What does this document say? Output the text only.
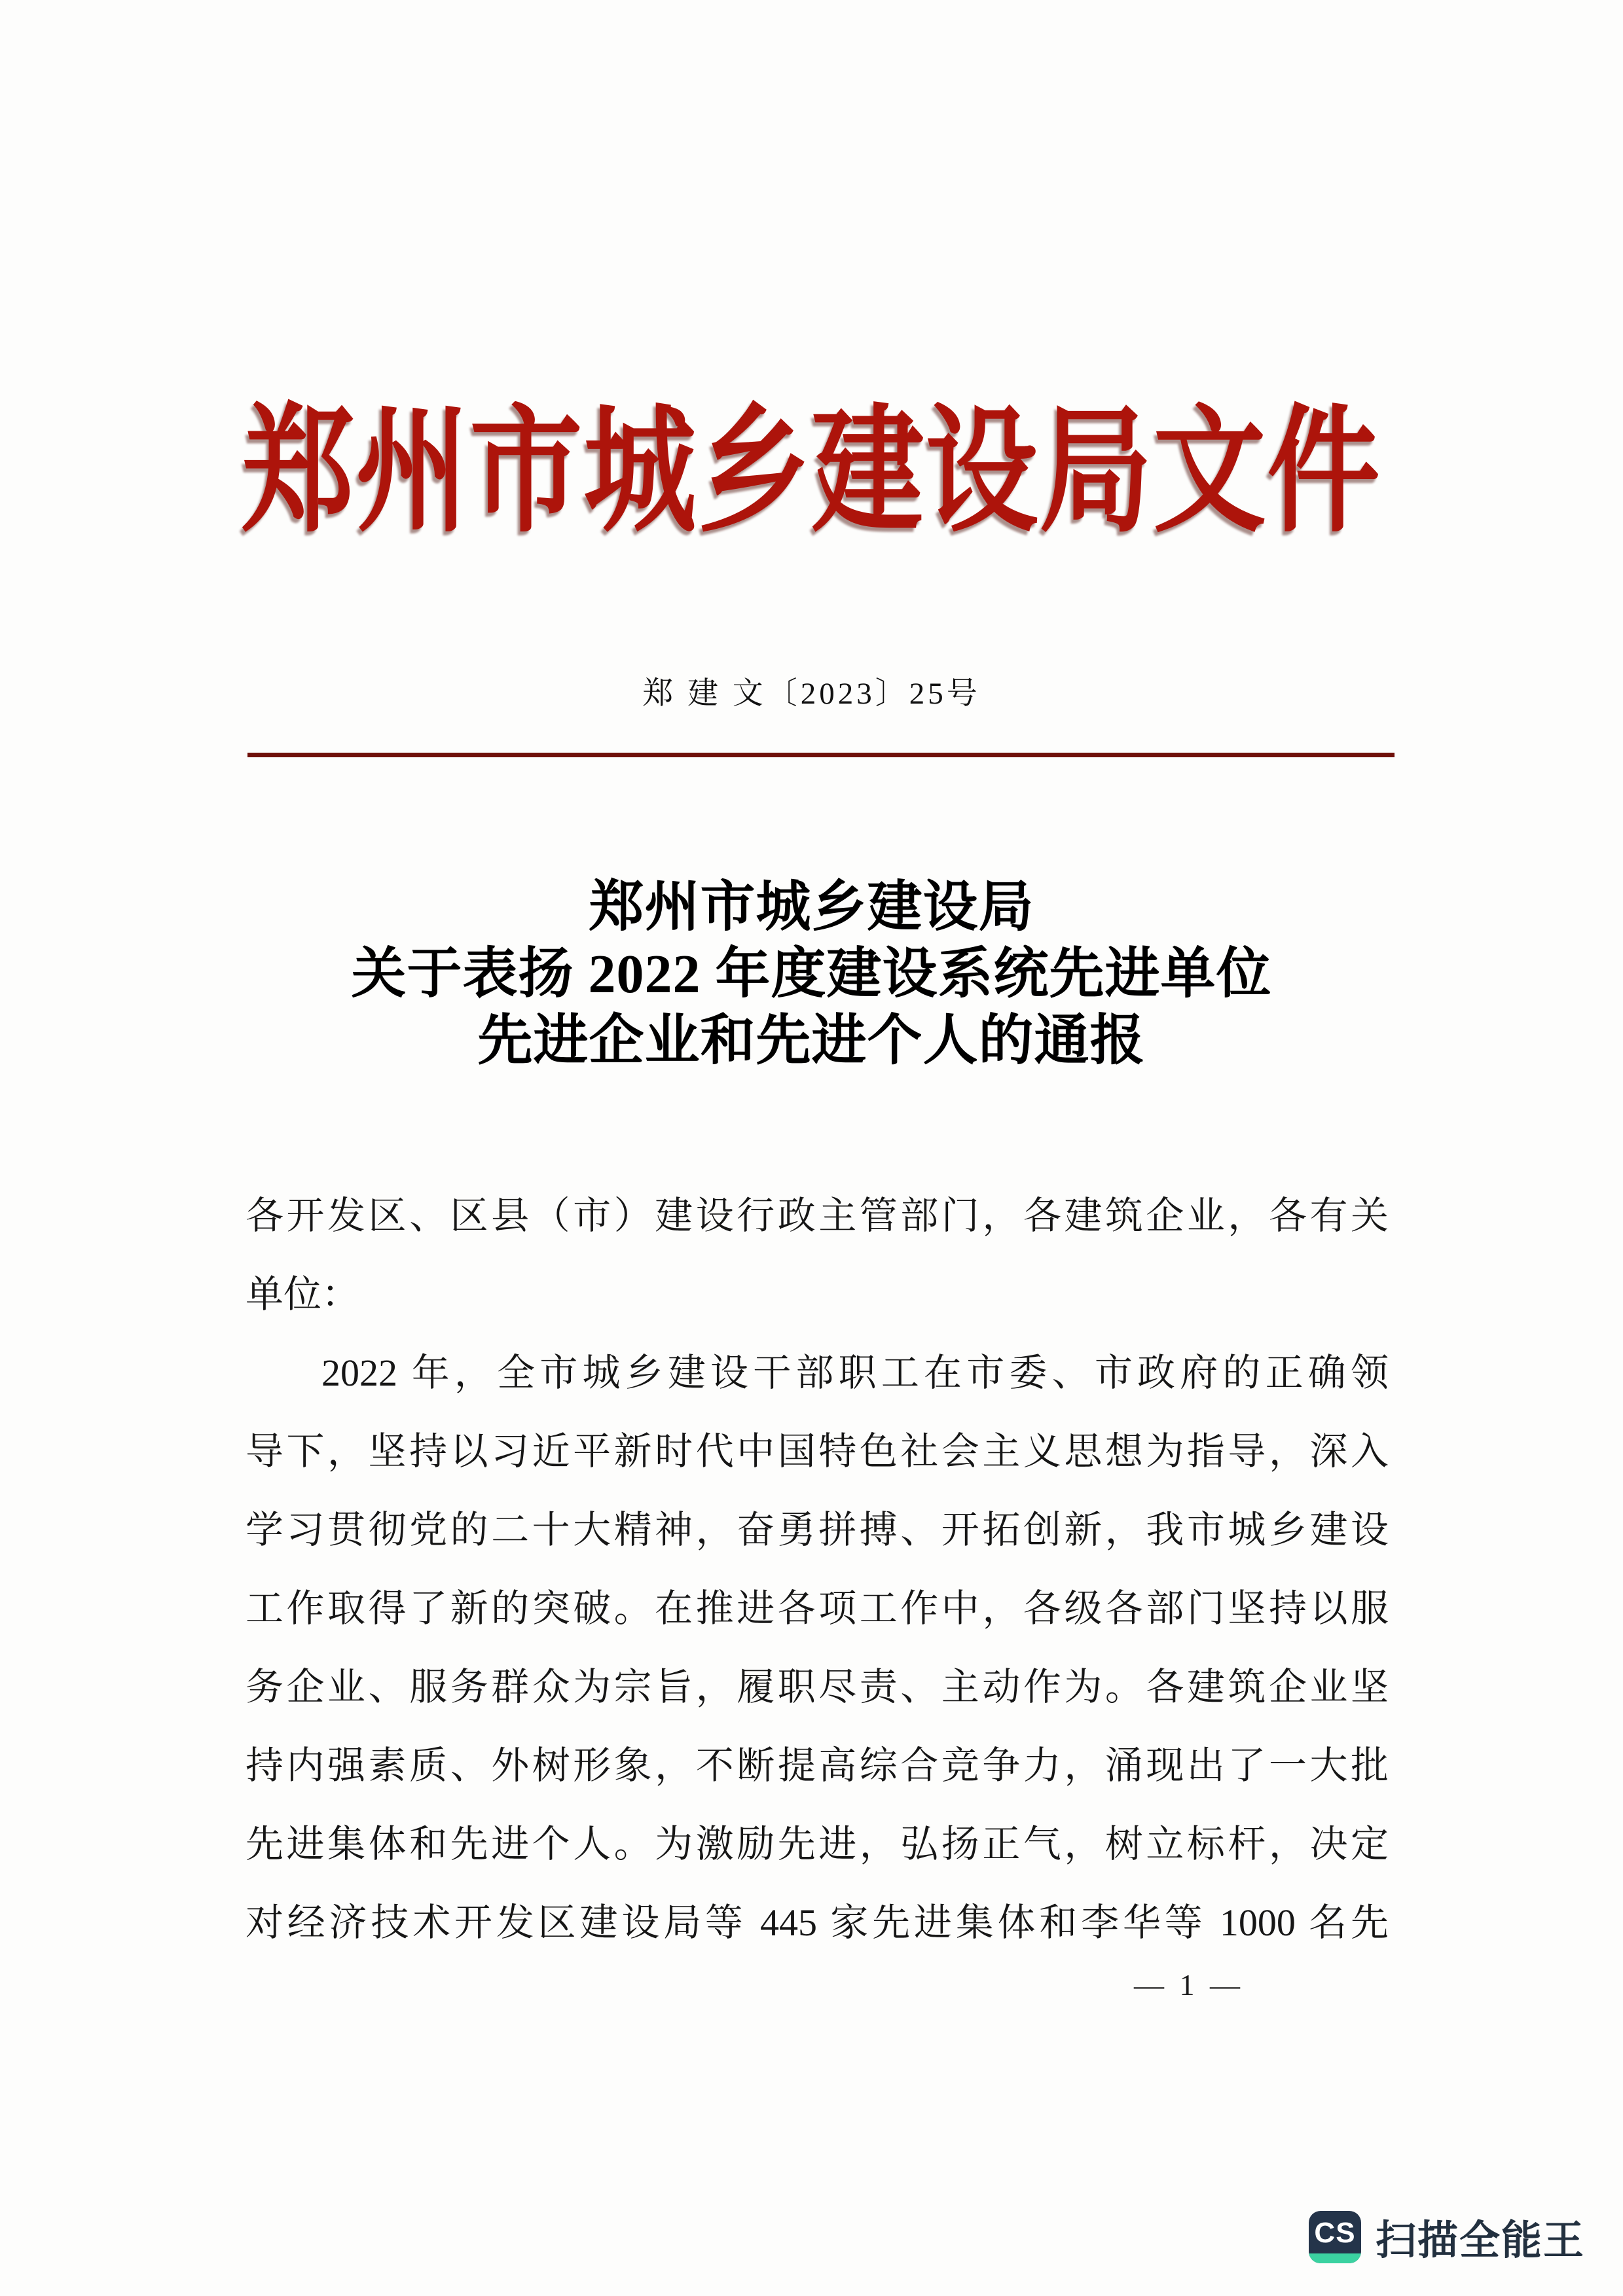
郑州市城乡建设局文件
郑 建 文〔2023〕25号
郑州市城乡建设局
关于表扬 2022 年度建设系统先进单位
先进企业和先进个人的通报
各开发区、区县（市）建设行政主管部门，各建筑企业，各有关
单位：
2022 年，全市城乡建设干部职工在市委、市政府的正确领
导下，坚持以习近平新时代中国特色社会主义思想为指导，深入
学习贯彻党的二十大精神，奋勇拼搏、开拓创新，我市城乡建设
工作取得了新的突破。在推进各项工作中，各级各部门坚持以服
务企业、服务群众为宗旨，履职尽责、主动作为。各建筑企业坚
持内强素质、外树形象，不断提高综合竞争力，涌现出了一大批
先进集体和先进个人。为激励先进，弘扬正气，树立标杆，决定
对经济技术开发区建设局等 445 家先进集体和李华等 1000 名先
— 1 —
CS 扫描全能王
